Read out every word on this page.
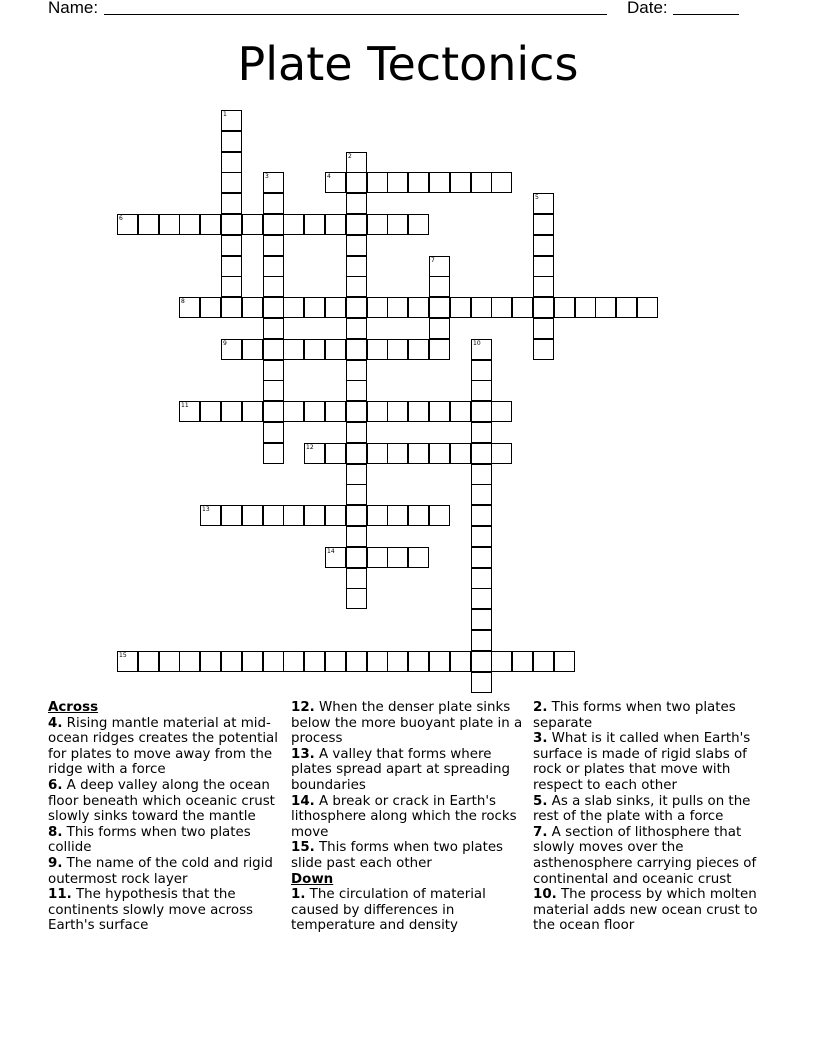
Name:	Date:
Plate Tectonics
1
2
3	4
5
6
7
8
9	10
11
12
13
14
15
Across
4. Rising mantle material at mid-ocean ridges creates the potential for plates to move away from the ridge with a force
6. A deep valley along the ocean floor beneath which oceanic crust slowly sinks toward the mantle
8. This forms when two plates collide
9. The name of the cold and rigid outermost rock layer
11. The hypothesis that the continents slowly move across Earth's surface
12. When the denser plate sinks below the more buoyant plate in a process
13. A valley that forms where plates spread apart at spreading boundaries
14. A break or crack in Earth's lithosphere along which the rocks move
15. This forms when two plates slide past each other
Down
1. The circulation of material caused by differences in temperature and density
2. This forms when two plates separate
3. What is it called when Earth's surface is made of rigid slabs of rock or plates that move with respect to each other
5. As a slab sinks, it pulls on the rest of the plate with a force
7. A section of lithosphere that slowly moves over the asthenosphere carrying pieces of continental and oceanic crust
10. The process by which molten material adds new ocean crust to the ocean floor
